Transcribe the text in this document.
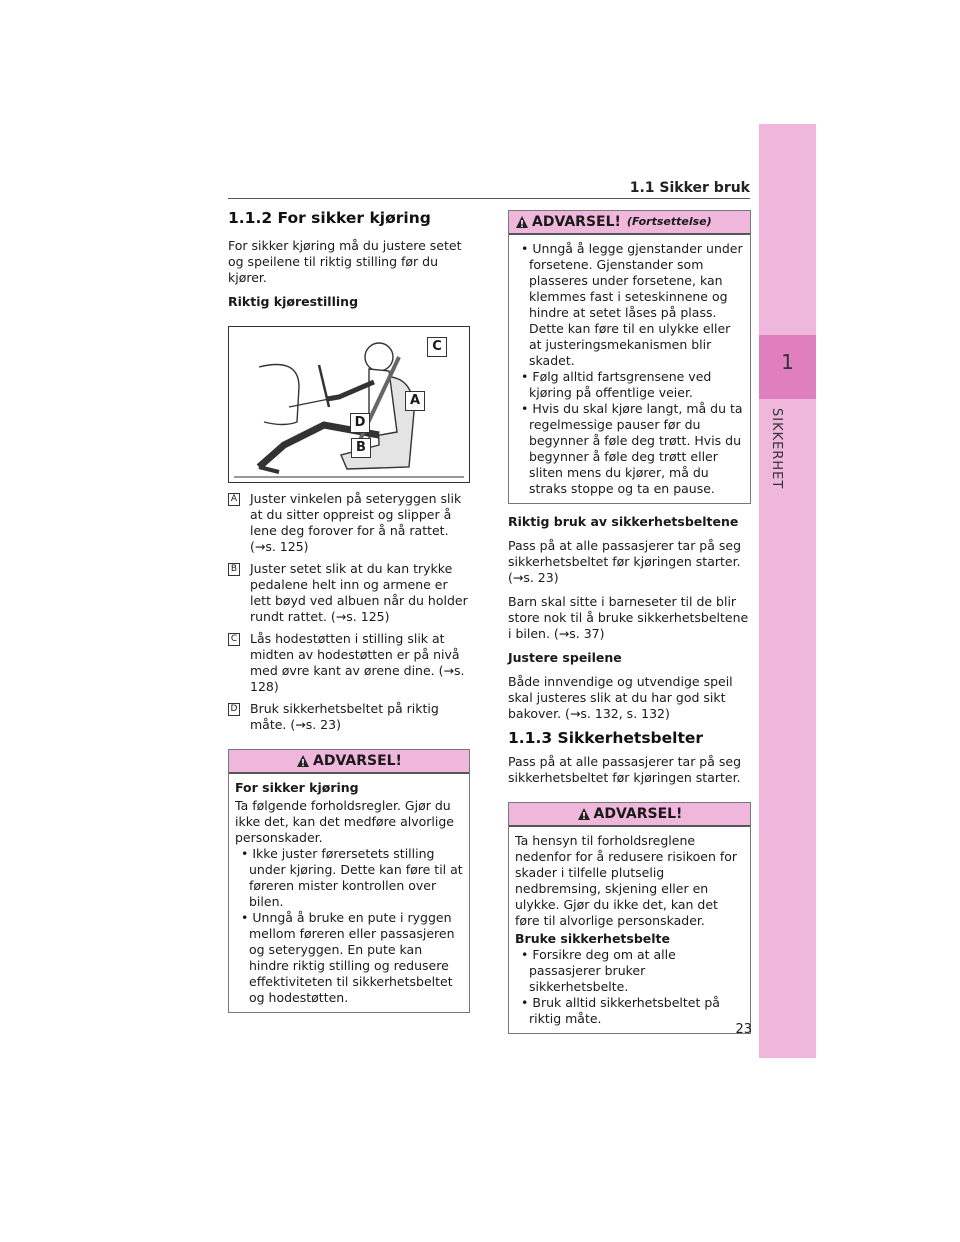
1
SIKKERHET
1.1 Sikker bruk
1.1.2 For sikker kjøring

For sikker kjøring må du justere setet og speilene til riktig stilling før du kjører.

Riktig kjørestilling

C
A
D
B
A Juster vinkelen på seteryggen slik at du sitter oppreist og slipper å lene deg forover for å nå rattet. (→s. 125)
B Juster setet slik at du kan trykke pedalene helt inn og armene er lett bøyd ved albuen når du holder rundt rattet. (→s. 125)
C Lås hodestøtten i stilling slik at midten av hodestøtten er på nivå med øvre kant av ørene dine. (→s. 128)
D Bruk sikkerhetsbeltet på riktig måte. (→s. 23)
ADVARSEL!
For sikker kjøring

Ta følgende forholdsregler. Gjør du ikke det, kan det medføre alvorlige personskader.

• Ikke juster førersetets stilling under kjøring. Dette kan føre til at føreren mister kontrollen over bilen.
• Unngå å bruke en pute i ryggen mellom føreren eller passasjeren og seteryggen. En pute kan hindre riktig stilling og redusere effektiviteten til sikkerhetsbeltet og hodestøtten.
ADVARSEL! (Fortsettelse)
• Unngå å legge gjenstander under forsetene. Gjenstander som plasseres under forsetene, kan klemmes fast i seteskinnene og hindre at setet låses på plass. Dette kan føre til en ulykke eller at justeringsmekanismen blir skadet.
• Følg alltid fartsgrensene ved kjøring på offentlige veier.
• Hvis du skal kjøre langt, må du ta regelmessige pauser før du begynner å føle deg trøtt. Hvis du begynner å føle deg trøtt eller sliten mens du kjører, må du straks stoppe og ta en pause.

Riktig bruk av sikkerhetsbeltene

Pass på at alle passasjerer tar på seg sikkerhetsbeltet før kjøringen starter. (→s. 23)

Barn skal sitte i barneseter til de blir store nok til å bruke sikkerhetsbeltene i bilen. (→s. 37)

Justere speilene

Både innvendige og utvendige speil skal justeres slik at du har god sikt bakover. (→s. 132, s. 132)

1.1.3 Sikkerhetsbelter

Pass på at alle passasjerer tar på seg sikkerhetsbeltet før kjøringen starter.

ADVARSEL!

Ta hensyn til forholdsreglene nedenfor for å redusere risikoen for skader i tilfelle plutselig nedbremsing, skjening eller en ulykke. Gjør du ikke det, kan det føre til alvorlige personskader.

Bruke sikkerhetsbelte
• Forsikre deg om at alle passasjerer bruker sikkerhetsbelte.
• Bruk alltid sikkerhetsbeltet på riktig måte.
23
